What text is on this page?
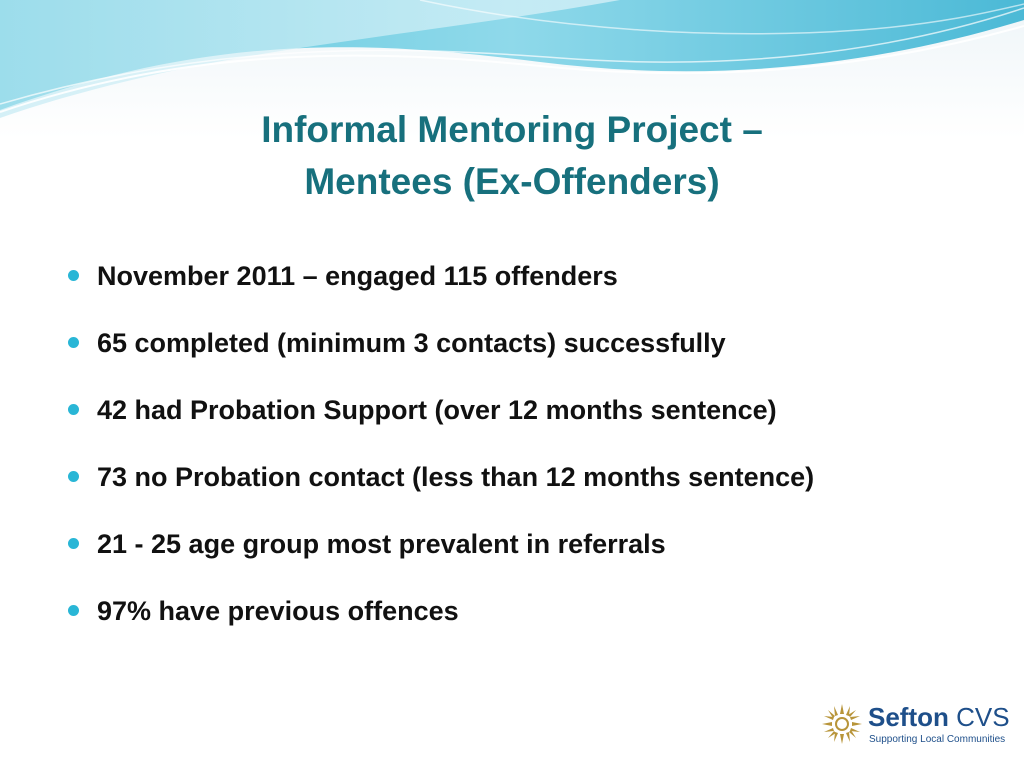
Informal Mentoring Project –
Mentees (Ex-Offenders)
November 2011 – engaged 115 offenders
65 completed (minimum 3 contacts) successfully
42 had Probation Support (over 12 months sentence)
73 no Probation contact (less than 12 months sentence)
21 - 25 age group most prevalent in referrals
97% have previous offences
Sefton CVS
Supporting Local Communities
